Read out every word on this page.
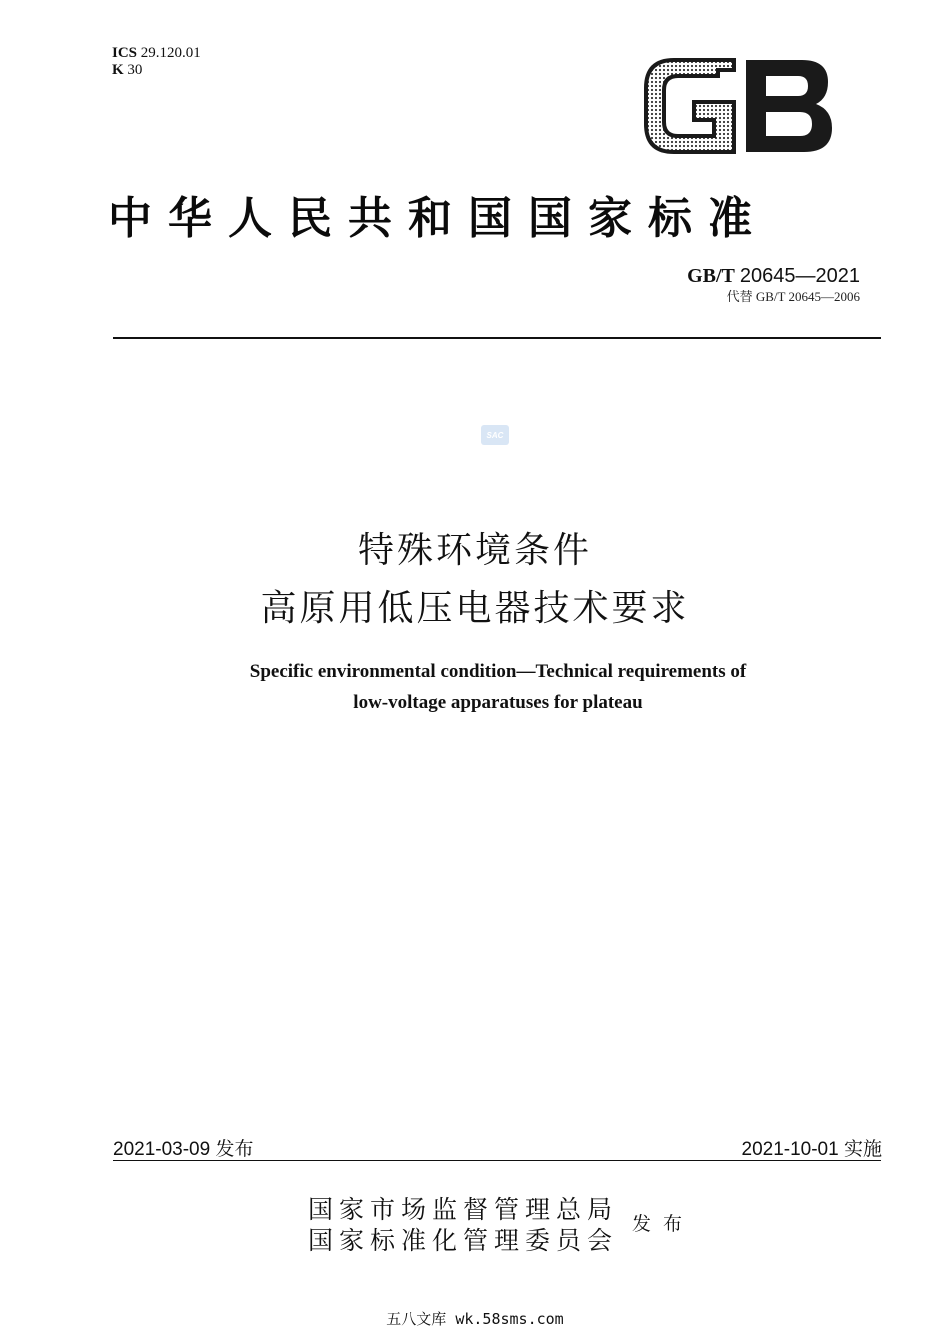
ICS 29.120.01
K 30
GB
中华人民共和国国家标准
GB/T 20645—2021
代替 GB/T 20645—2006
SAC
特殊环境条件
高原用低压电器技术要求
Specific environmental condition—Technical requirements of
low-voltage apparatuses for plateau
2021-03-09 发布	2021-10-01 实施
国家市场监督管理总局
国家标准化管理委员会
发布
五八文库 wk.58sms.com
